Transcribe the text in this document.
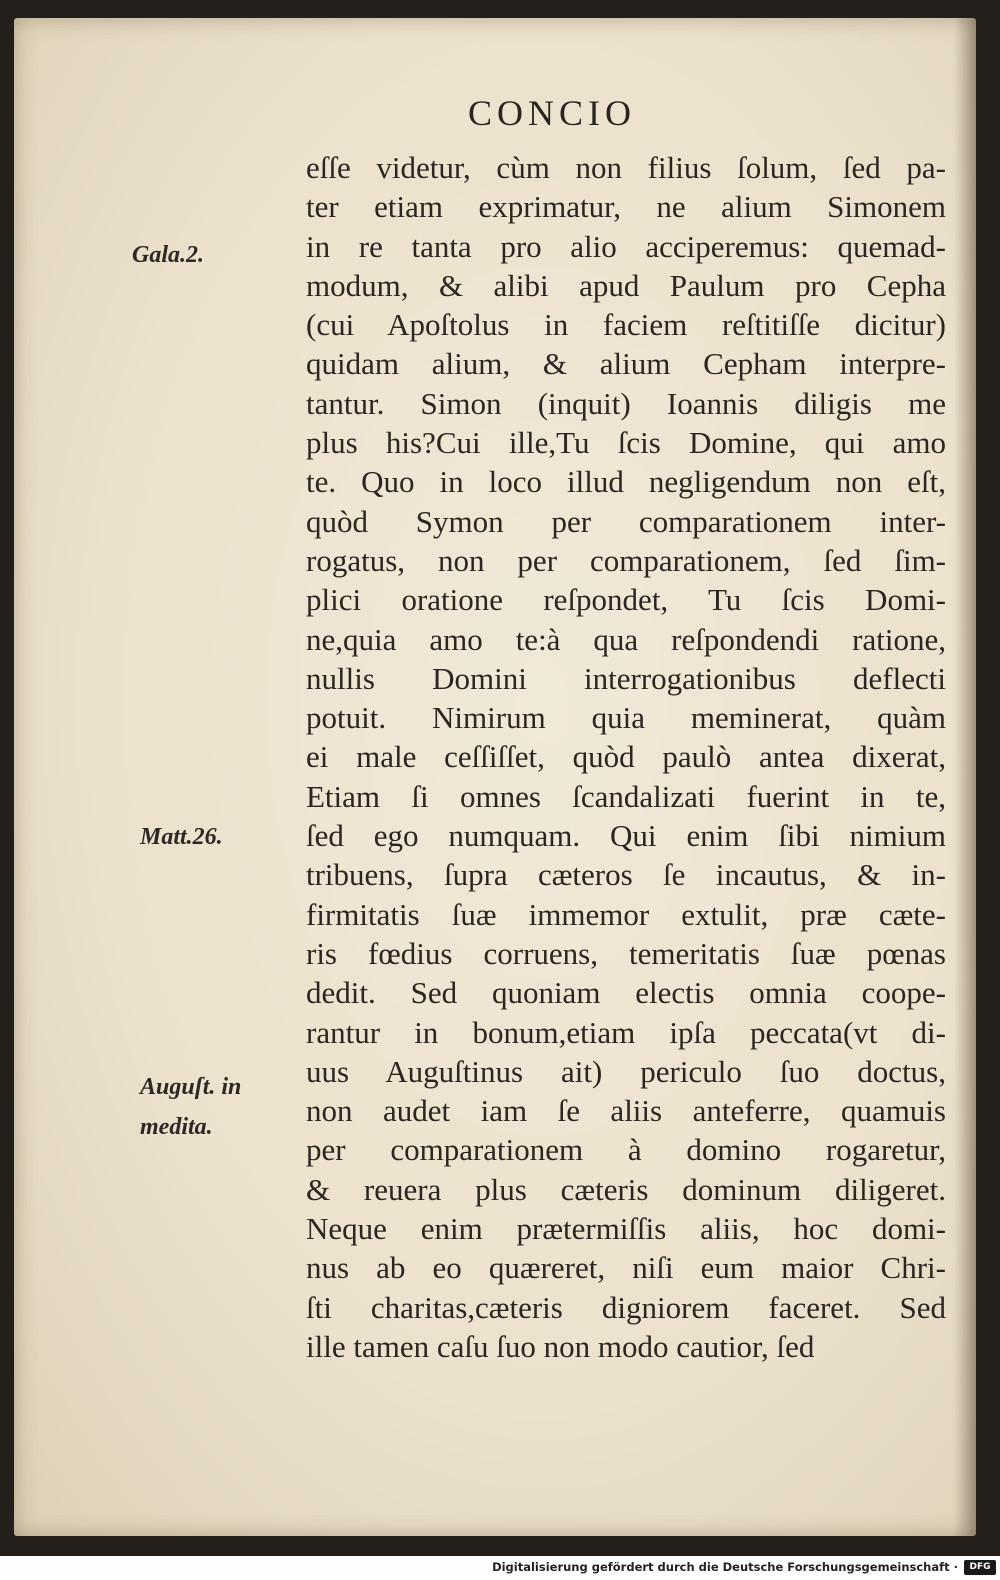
CONCIO
eſſe videtur, cùm non filius ſolum, ſed pa-
ter etiam exprimatur, ne alium Simonem
in re tanta pro alio acciperemus: quemad-
modum, & alibi apud Paulum pro Cepha
(cui Apoſtolus in faciem reſtitiſſe dicitur)
quidam alium, & alium Cepham interpre-
tantur. Simon (inquit) Ioannis diligis me
plus his?Cui ille,Tu ſcis Domine, qui amo
te. Quo in loco illud negligendum non eſt,
quòd Symon per comparationem inter-
rogatus, non per comparationem, ſed ſim-
plici oratione reſpondet, Tu ſcis Domi-
ne,quia amo te:à qua reſpondendi ratione,
nullis Domini interrogationibus deflecti
potuit. Nimirum quia meminerat, quàm
ei male ceſſiſſet, quòd paulò antea dixerat,
Etiam ſi omnes ſcandalizati fuerint in te,
ſed ego numquam. Qui enim ſibi nimium
tribuens, ſupra cæteros ſe incautus, & in-
firmitatis ſuæ immemor extulit, præ cæte-
ris fœdius corruens, temeritatis ſuæ pœnas
dedit. Sed quoniam electis omnia coope-
rantur in bonum,etiam ipſa peccata(vt di-
uus Auguſtinus ait) periculo ſuo doctus,
non audet iam ſe aliis anteferre, quamuis
per comparationem à domino rogaretur,
& reuera plus cæteris dominum diligeret.
Neque enim prætermiſſis aliis, hoc domi-
nus ab eo quæreret, niſi eum maior Chri-
ſti charitas,cæteris digniorem faceret. Sed
ille tamen caſu ſuo non modo cautior, ſed
Gala.2.
Matt.26.
Auguſt. in
medita.
Digitalisierung gefördert durch die Deutsche Forschungsgemeinschaft ·	DFG
